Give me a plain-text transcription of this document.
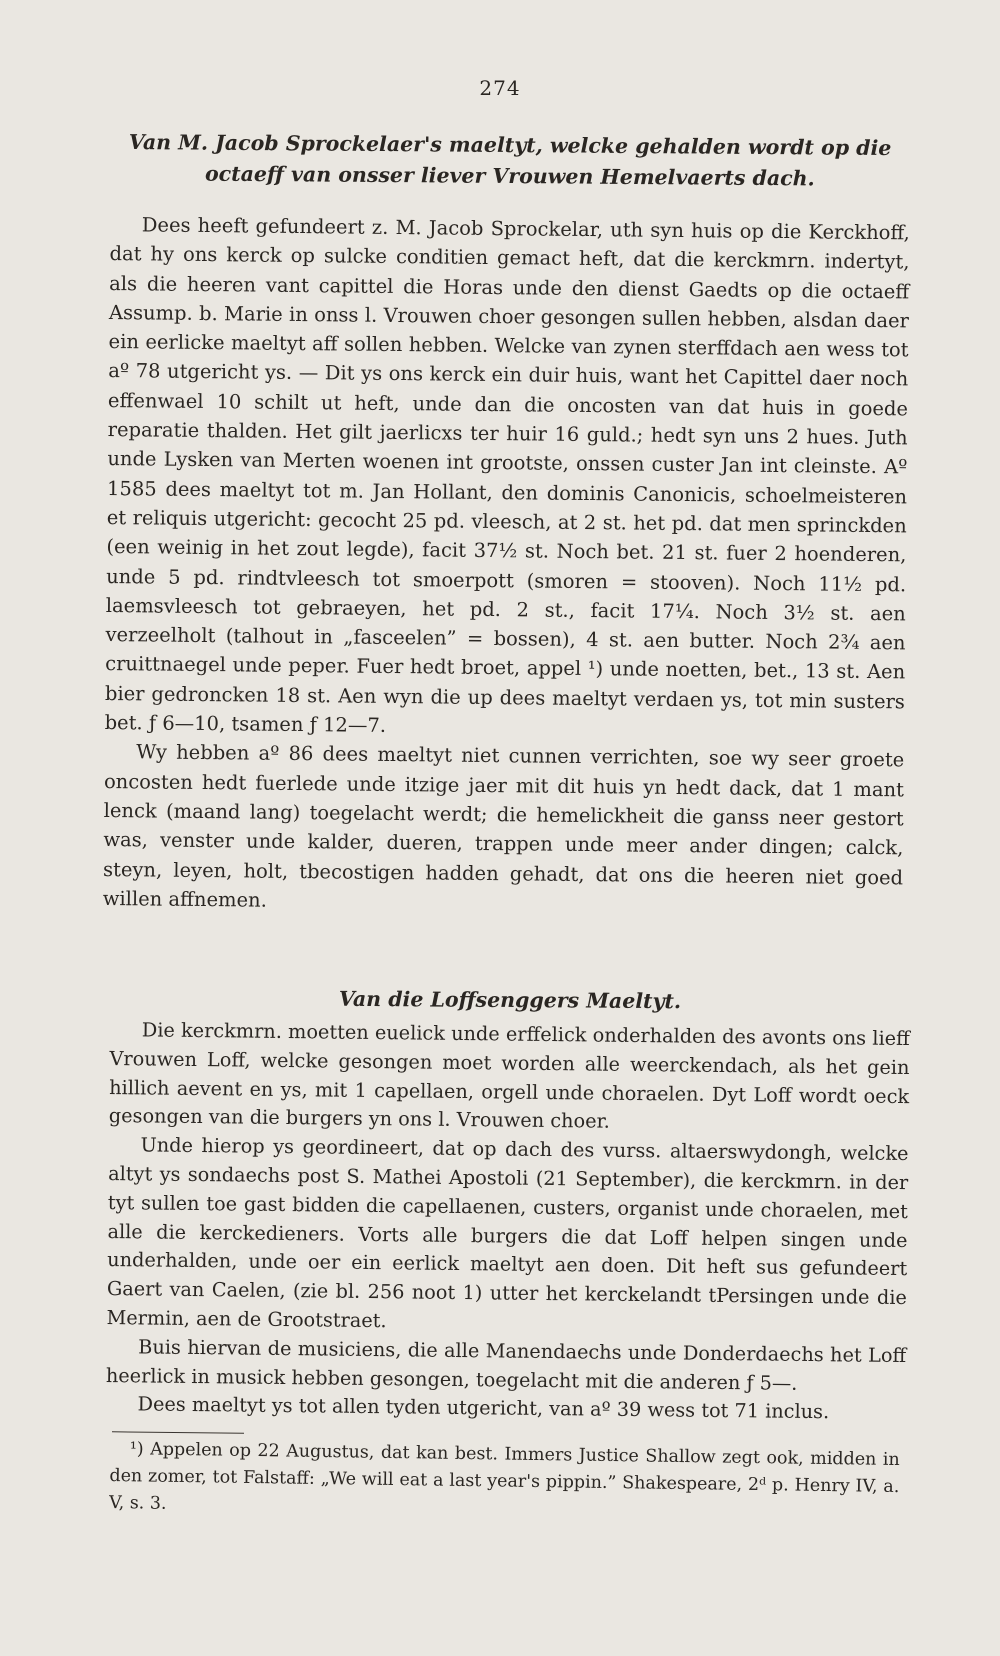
274
Van M. Jacob Sprockelaer's maeltyt, welcke gehalden wordt op die octaeff van onsser liever Vrouwen Hemelvaerts dach.

Dees heeft gefundeert z. M. Jacob Sprockelar, uth syn huis op die Kerckhoff, dat hy ons kerck op sulcke conditien gemact heft, dat die kerckmrn. indertyt, als die heeren vant capittel die Horas unde den dienst Gaedts op die octaeff Assump. b. Marie in onss l. Vrouwen choer gesongen sullen hebben, alsdan daer ein eerlicke maeltyt aff sollen hebben. Welcke van zynen sterffdach aen wess tot aº 78 utgericht ys. — Dit ys ons kerck ein duir huis, want het Capittel daer noch effenwael 10 schilt ut heft, unde dan die oncosten van dat huis in goede reparatie thalden. Het gilt jaerlicxs ter huir 16 guld.; hedt syn uns 2 hues. Juth unde Lysken van Merten woenen int grootste, onssen custer Jan int cleinste. Aº 1585 dees maeltyt tot m. Jan Hollant, den dominis Canonicis, schoelmeisteren et reliquis utgericht: gecocht 25 pd. vleesch, at 2 st. het pd. dat men sprinckden (een weinig in het zout legde), facit 37½ st. Noch bet. 21 st. fuer 2 hoenderen, unde 5 pd. rindtvleesch tot smoerpott (smoren = stooven). Noch 11½ pd. laemsvleesch tot gebraeyen, het pd. 2 st., facit 17¼. Noch 3½ st. aen verzeelholt (talhout in „fasceelen” = bossen), 4 st. aen butter. Noch 2¾ aen cruittnaegel unde peper. Fuer hedt broet, appel ¹) unde noetten, bet., 13 st. Aen bier gedroncken 18 st. Aen wyn die up dees maeltyt verdaen ys, tot min susters bet. ƒ 6—10, tsamen ƒ 12—7.

Wy hebben aº 86 dees maeltyt niet cunnen verrichten, soe wy seer groete oncosten hedt fuerlede unde itzige jaer mit dit huis yn hedt dack, dat 1 mant lenck (maand lang) toegelacht werdt; die hemelickheit die ganss neer gestort was, venster unde kalder, dueren, trappen unde meer ander dingen; calck, steyn, leyen, holt, tbecostigen hadden gehadt, dat ons die heeren niet goed willen affnemen.

Van die Loffsenggers Maeltyt.

Die kerckmrn. moetten euelick unde erffelick onderhalden des avonts ons lieff Vrouwen Loff, welcke gesongen moet worden alle weerckendach, als het gein hillich aevent en ys, mit 1 capellaen, orgell unde choraelen. Dyt Loff wordt oeck gesongen van die burgers yn ons l. Vrouwen choer.

Unde hierop ys geordineert, dat op dach des vurss. altaerswydongh, welcke altyt ys sondaechs post S. Mathei Apostoli (21 September), die kerckmrn. in der tyt sullen toe gast bidden die capellaenen, custers, organist unde choraelen, met alle die kerckedieners. Vorts alle burgers die dat Loff helpen singen unde underhalden, unde oer ein eerlick maeltyt aen doen. Dit heft sus gefundeert Gaert van Caelen, (zie bl. 256 noot 1) utter het kerckelandt tPersingen unde die Mermin, aen de Grootstraet.

Buis hiervan de musiciens, die alle Manendaechs unde Donderdaechs het Loff heerlick in musick hebben gesongen, toegelacht mit die anderen ƒ 5—.

Dees maeltyt ys tot allen tyden utgericht, van aº 39 wess tot 71 inclus.

¹) Appelen op 22 Augustus, dat kan best. Immers Justice Shallow zegt ook, midden in den zomer, tot Falstaff: „We will eat a last year's pippin.” Shakespeare, 2ᵈ p. Henry IV, a. V, s. 3.
